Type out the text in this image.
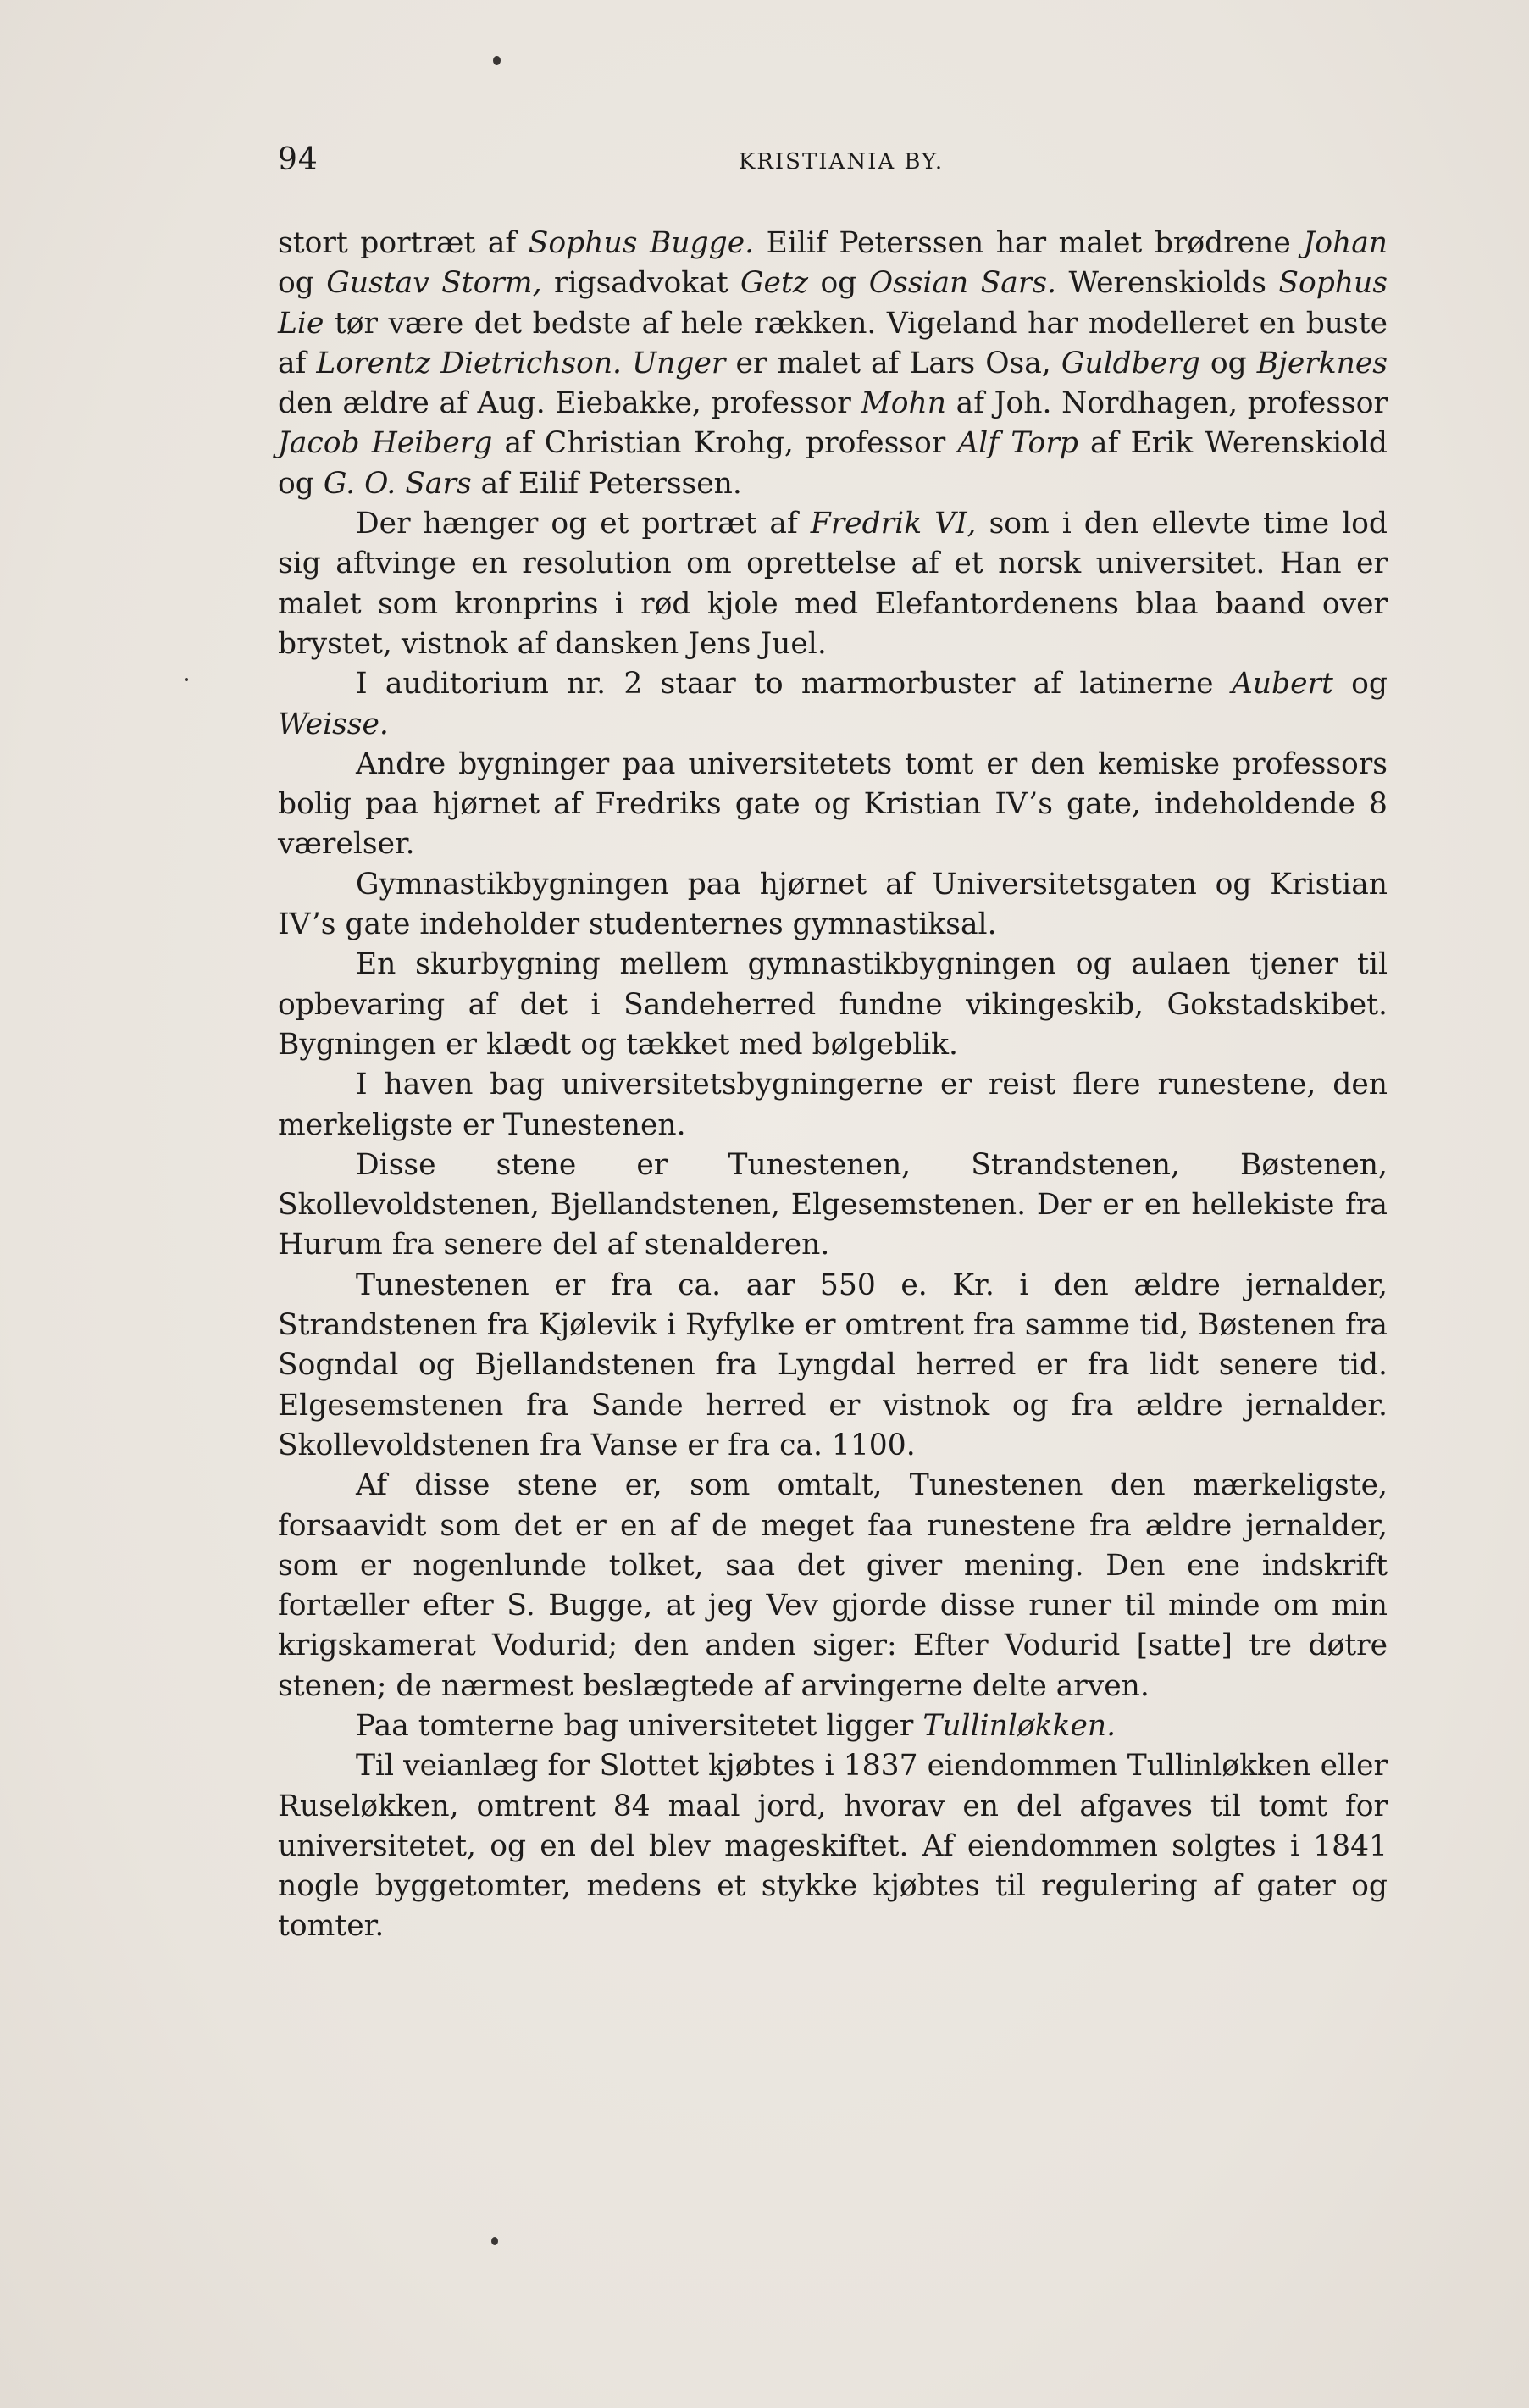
94	KRISTIANIA BY.

stort portræt af Sophus Bugge. Eilif Peterssen har malet brødrene Johan og Gustav Storm, rigsadvokat Getz og Ossian Sars. Werenskiolds Sophus Lie tør være det bedste af hele rækken. Vigeland har modelleret en buste af Lorentz Dietrichson. Unger er malet af Lars Osa, Guldberg og Bjerknes den ældre af Aug. Eiebakke, professor Mohn af Joh. Nordhagen, professor Jacob Heiberg af Christian Krohg, professor Alf Torp af Erik Werenskiold og G. O. Sars af Eilif Peterssen.

Der hænger og et portræt af Fredrik VI, som i den ellevte time lod sig aftvinge en resolution om oprettelse af et norsk universitet. Han er malet som kronprins i rød kjole med Elefantordenens blaa baand over brystet, vistnok af dansken Jens Juel.

I auditorium nr. 2 staar to marmorbuster af latinerne Aubert og Weisse.

Andre bygninger paa universitetets tomt er den kemiske professors bolig paa hjørnet af Fredriks gate og Kristian IV’s gate, indeholdende 8 værelser.

Gymnastikbygningen paa hjørnet af Universitetsgaten og Kristian IV’s gate indeholder studenternes gymnastiksal.

En skurbygning mellem gymnastikbygningen og aulaen tjener til opbevaring af det i Sandeherred fundne vikingeskib, Gokstadskibet. Bygningen er klædt og tækket med bølgeblik.

I haven bag universitetsbygningerne er reist flere runestene, den merkeligste er Tunestenen.

Disse stene er Tunestenen, Strandstenen, Bøstenen, Skollevoldstenen, Bjellandstenen, Elgesemstenen. Der er en hellekiste fra Hurum fra senere del af stenalderen.

Tunestenen er fra ca. aar 550 e. Kr. i den ældre jernalder, Strandstenen fra Kjølevik i Ryfylke er omtrent fra samme tid, Bøstenen fra Sogndal og Bjellandstenen fra Lyngdal herred er fra lidt senere tid. Elgesemstenen fra Sande herred er vistnok og fra ældre jernalder. Skollevoldstenen fra Vanse er fra ca. 1100.

Af disse stene er, som omtalt, Tunestenen den mærkeligste, forsaavidt som det er en af de meget faa runestene fra ældre jernalder, som er nogenlunde tolket, saa det giver mening. Den ene indskrift fortæller efter S. Bugge, at jeg Vev gjorde disse runer til minde om min krigskamerat Vodurid; den anden siger: Efter Vodurid [satte] tre døtre stenen; de nærmest beslægtede af arvingerne delte arven.

Paa tomterne bag universitetet ligger Tullinløkken.

Til veianlæg for Slottet kjøbtes i 1837 eiendommen Tullinløkken eller Ruseløkken, omtrent 84 maal jord, hvorav en del afgaves til tomt for universitetet, og en del blev mageskiftet. Af eiendommen solgtes i 1841 nogle byggetomter, medens et stykke kjøbtes til regulering af gater og tomter.
